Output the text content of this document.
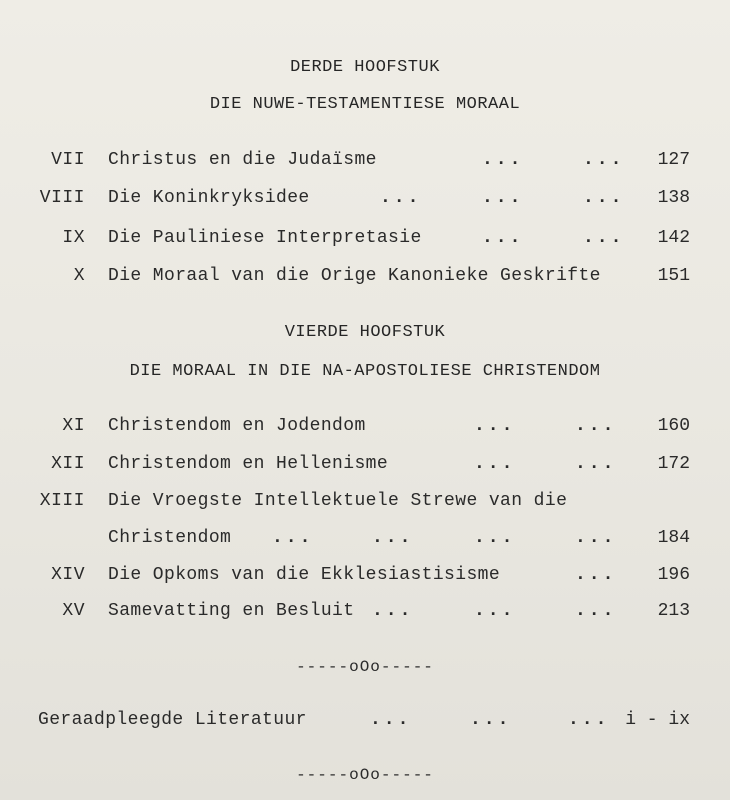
DERDE HOOFSTUK
DIE NUWE-TESTAMENTIESE MORAAL
VII Christus en die Judaïsme	...	... 127
VIII Die Koninkryksidee	...	...	... 138
IX Die Pauliniese Interpretasie	...	... 142
X Die Moraal van die Orige Kanonieke Geskrifte	151
VIERDE HOOFSTUK
DIE MORAAL IN DIE NA-APOSTOLIESE CHRISTENDOM
XI Christendom en Jodendom	...	... 160
XII Christendom en Hellenisme	...	... 172
XIII Die Vroegste Intellektuele Strewe van die
Christendom ...	...	...	... 184
XIV Die Opkoms van die Ekklesiastisisme	... 196
XV Samevatting en Besluit ...	...	... 213
-----oOo-----
Geraadpleegde Literatuur	...	...	... i - ix
-----oOo-----
